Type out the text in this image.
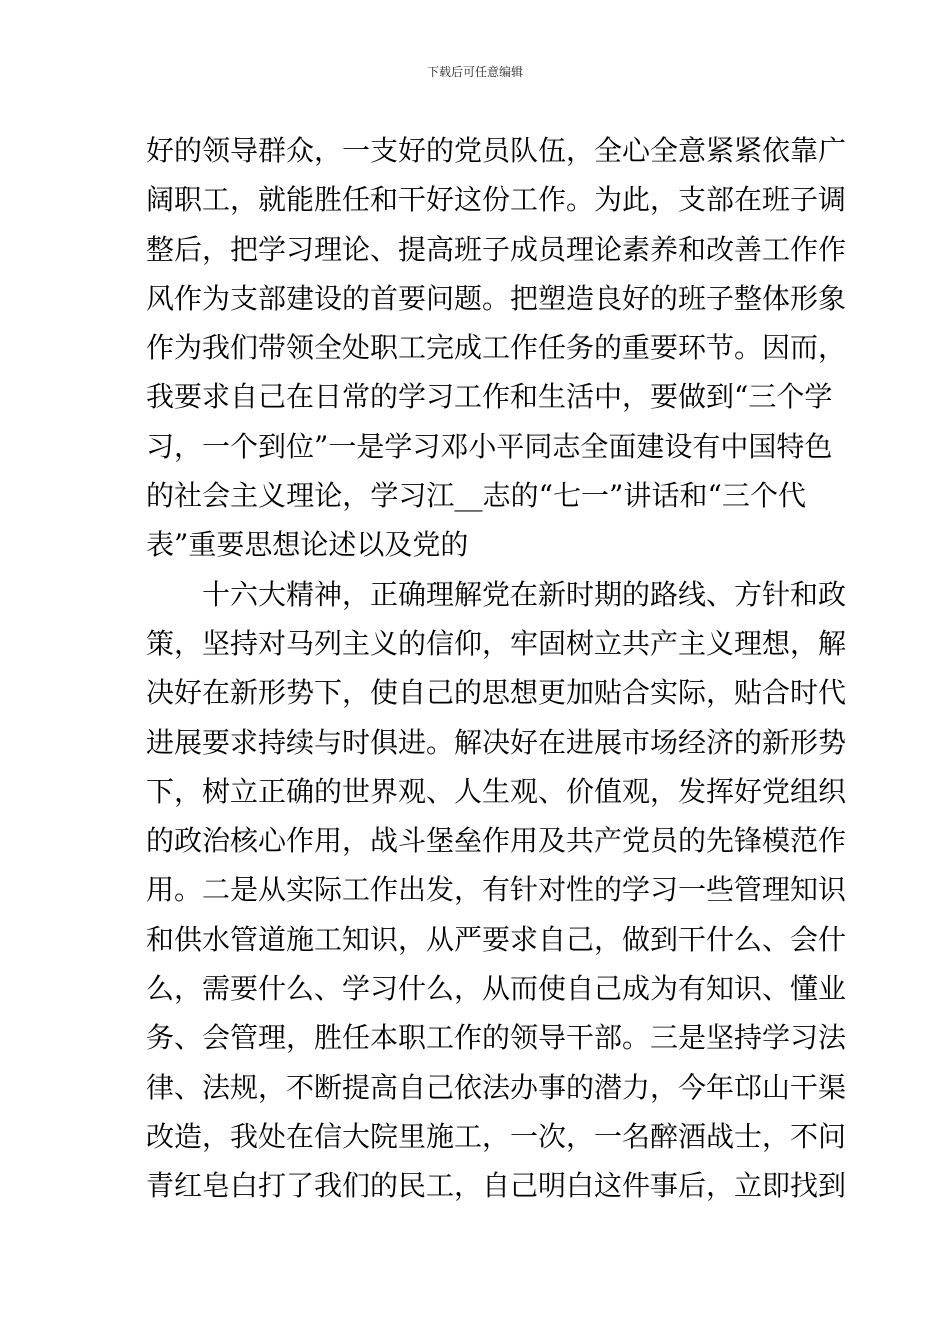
下载后可任意编辑
好的领导群众，一支好的党员队伍，全心全意紧紧依靠广
阔职工，就能胜任和干好这份工作。为此，支部在班子调
整后，把学习理论、提高班子成员理论素养和改善工作作
风作为支部建设的首要问题。把塑造良好的班子整体形象
作为我们带领全处职工完成工作任务的重要环节。因而，
我要求自己在日常的学习工作和生活中，要做到“三个学
习，一个到位”一是学习邓小平同志全面建设有中国特色
的社会主义理论，学习江__志的“七一”讲话和“三个代
表”重要思想论述以及党的
　　十六大精神，正确理解党在新时期的路线、方针和政
策，坚持对马列主义的信仰，牢固树立共产主义理想，解
决好在新形势下，使自己的思想更加贴合实际，贴合时代
进展要求持续与时俱进。解决好在进展市场经济的新形势
下，树立正确的世界观、人生观、价值观，发挥好党组织
的政治核心作用，战斗堡垒作用及共产党员的先锋模范作
用。二是从实际工作出发，有针对性的学习一些管理知识
和供水管道施工知识，从严要求自己，做到干什么、会什
么，需要什么、学习什么，从而使自己成为有知识、懂业
务、会管理，胜任本职工作的领导干部。三是坚持学习法
律、法规，不断提高自己依法办事的潜力，今年邙山干渠
改造，我处在信大院里施工，一次，一名醉酒战士，不问
青红皂白打了我们的民工，自己明白这件事后，立即找到
